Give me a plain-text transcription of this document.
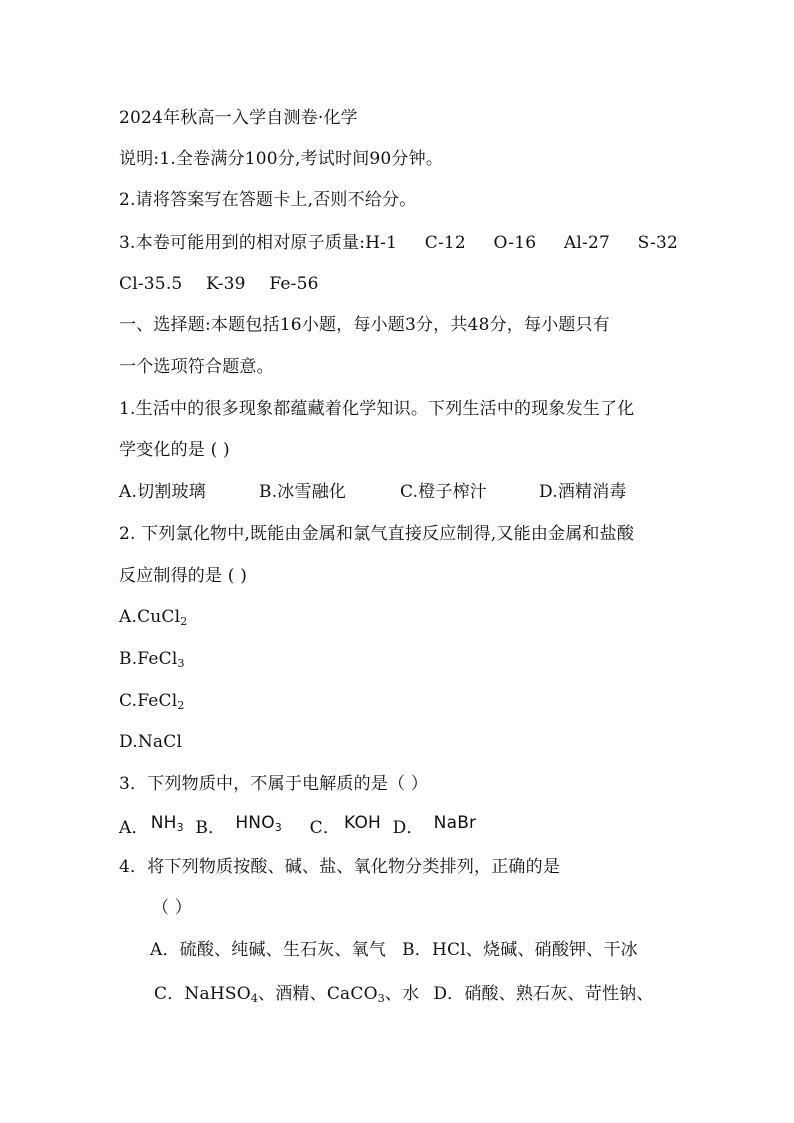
2024年秋高一入学自测卷·化学
说明:1.全卷满分100分,考试时间90分钟。
2.请将答案写在答题卡上,否则不给分。
3.本卷可能用到的相对原子质量:H-1 C-12 O-16 Al-27 S-32
Cl-35.5 K-39 Fe-56
一、选择题:本题包括16小题，每小题3分，共48分，每小题只有
一个选项符合题意。
1.生活中的很多现象都蕴藏着化学知识。下列生活中的现象发生了化
学变化的是 ( )
A.切割玻璃	B.冰雪融化	C.橙子榨汁	D.酒精消毒
2. 下列氯化物中,既能由金属和氯气直接反应制得,又能由金属和盐酸
反应制得的是 ( )
A.CuCl$_2$
B.FeCl$_3$
C.FeCl$_2$
D.NaCl
3．下列物质中，不属于电解质的是（ ）
A． $NH_3$ B． $HNO_3$ C． KOH D． NaBr
4．将下列物质按酸、碱、盐、氧化物分类排列，正确的是
（ ）
A．硫酸、纯碱、生石灰、氧气 B．HCl、烧碱、硝酸钾、干冰
C．NaHSO$_4$、酒精、CaCO$_3$、水 D．硝酸、熟石灰、苛性钠、
